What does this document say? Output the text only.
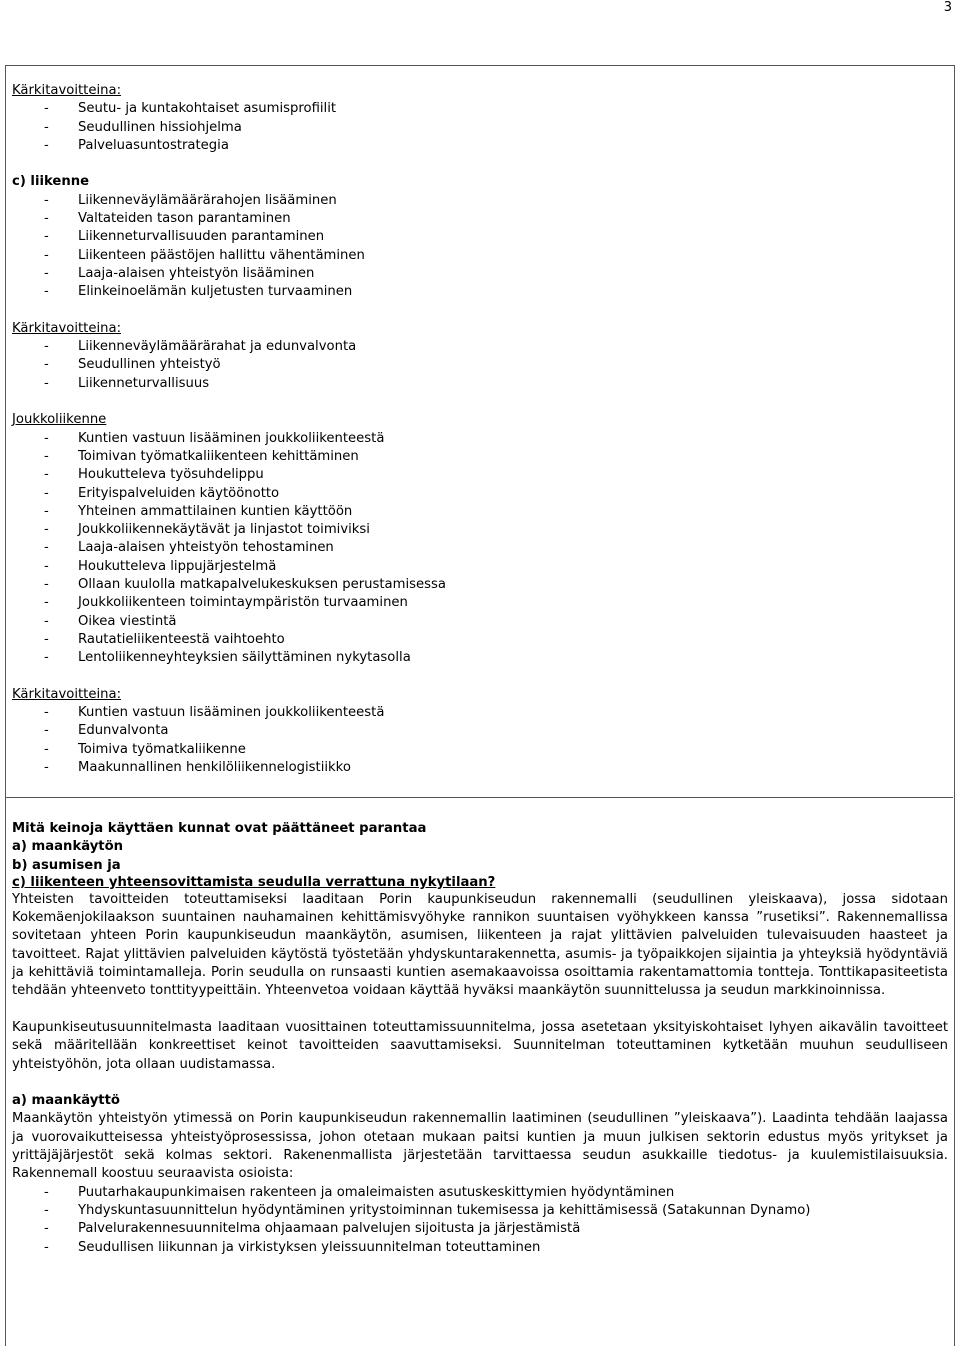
3
Kärkitavoitteina:
- Seutu- ja kuntakohtaiset asumisprofiilit
- Seudullinen hissiohjelma
- Palveluasuntostrategia
c) liikenne
- Liikenneväylämäärärahojen lisääminen
- Valtateiden tason parantaminen
- Liikenneturvallisuuden parantaminen
- Liikenteen päästöjen hallittu vähentäminen
- Laaja-alaisen yhteistyön lisääminen
- Elinkeinoelämän kuljetusten turvaaminen
Kärkitavoitteina:
- Liikenneväylämäärärahat ja edunvalvonta
- Seudullinen yhteistyö
- Liikenneturvallisuus
Joukkoliikenne
- Kuntien vastuun lisääminen joukkoliikenteestä
- Toimivan työmatkaliikenteen kehittäminen
- Houkutteleva työsuhdelippu
- Erityispalveluiden käytöönotto
- Yhteinen ammattilainen kuntien käyttöön
- Joukkoliikennekäytävät ja linjastot toimiviksi
- Laaja-alaisen yhteistyön tehostaminen
- Houkutteleva lippujärjestelmä
- Ollaan kuulolla matkapalvelukeskuksen perustamisessa
- Joukkoliikenteen toimintaympäristön turvaaminen
- Oikea viestintä
- Rautatieliikenteestä vaihtoehto
- Lentoliikenneyhteyksien säilyttäminen nykytasolla
Kärkitavoitteina:
- Kuntien vastuun lisääminen joukkoliikenteestä
- Edunvalvonta
- Toimiva työmatkaliikenne
- Maakunnallinen henkilöliikennelogistiikko
Mitä keinoja käyttäen kunnat ovat päättäneet parantaa
a) maankäytön
b) asumisen ja
c) liikenteen yhteensovittamista seudulla verrattuna nykytilaan?
Yhteisten tavoitteiden toteuttamiseksi laaditaan Porin kaupunkiseudun rakennemalli (seudullinen yleiskaava), jossa sidotaan Kokemäenjokilaakson suuntainen nauhamainen kehittämisvyöhyke rannikon suuntaisen vyöhykkeen kanssa ”rusetiksi”. Rakennemallissa sovitetaan yhteen Porin kaupunkiseudun maankäytön, asumisen, liikenteen ja rajat ylittävien palveluiden tulevaisuuden haasteet ja tavoitteet. Rajat ylittävien palveluiden käytöstä työstetään yhdyskuntarakennetta, asumis- ja työpaikkojen sijaintia ja yhteyksiä hyödyntäviä ja kehittäviä toimintamalleja. Porin seudulla on runsaasti kuntien asemakaavoissa osoittamia rakentamattomia tontteja. Tonttikapasiteetista tehdään yhteenveto tonttityypeittäin. Yhteenvetoa voidaan käyttää hyväksi maankäytön suunnittelussa ja seudun markkinoinnissa.
Kaupunkiseutusuunnitelmasta laaditaan vuosittainen toteuttamissuunnitelma, jossa asetetaan yksityiskohtaiset lyhyen aikavälin tavoitteet sekä määritellään konkreettiset keinot tavoitteiden saavuttamiseksi. Suunnitelman toteuttaminen kytketään muuhun seudulliseen yhteistyöhön, jota ollaan uudistamassa.
a) maankäyttö
Maankäytön yhteistyön ytimessä on Porin kaupunkiseudun rakennemallin laatiminen (seudullinen ”yleiskaava”). Laadinta tehdään laajassa ja vuorovaikutteisessa yhteistyöprosessissa, johon otetaan mukaan paitsi kuntien ja muun julkisen sektorin edustus myös yritykset ja yrittäjäjärjestöt sekä kolmas sektori. Rakenenmallista järjestetään tarvittaessa seudun asukkaille tiedotus- ja kuulemistilaisuuksia. Rakennemall koostuu seuraavista osioista:
- Puutarhakaupunkimaisen rakenteen ja omaleimaisten asutuskeskittymien hyödyntäminen
- Yhdyskuntasuunnittelun hyödyntäminen yritystoiminnan tukemisessa ja kehittämisessä (Satakunnan Dynamo)
- Palvelurakennesuunnitelma ohjaamaan palvelujen sijoitusta ja järjestämistä
- Seudullisen liikunnan ja virkistyksen yleissuunnitelman toteuttaminen
